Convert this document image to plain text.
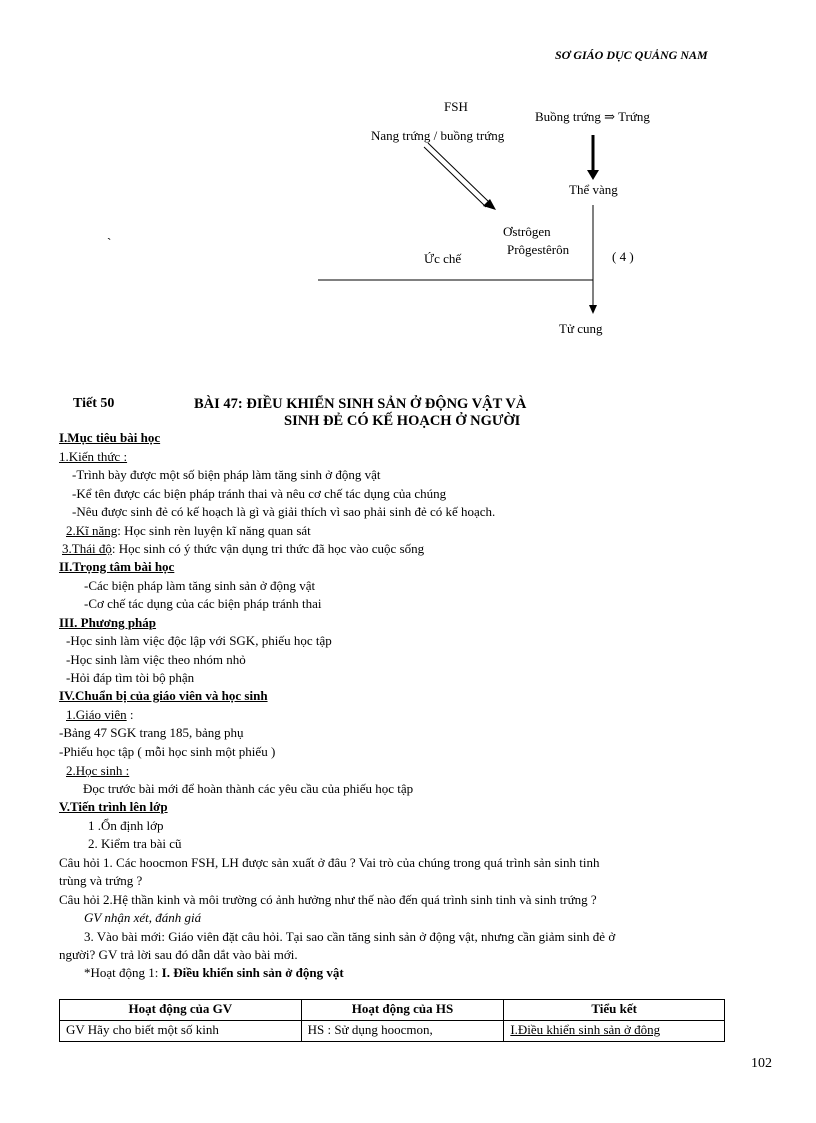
SƠ GIÁO DỤC QUẢNG NAM
FSH
Nang trứng / buồng trứng
Buồng trứng ⇒ Trứng
Thể vàng
Ơstrôgen
Prôgestêrôn
Ức chế	( 4 )
Tử cung
`
Tiết 50	BÀI 47: ĐIỀU KHIỂN SINH SẢN Ở ĐỘNG VẬT VÀ
SINH ĐẺ CÓ KẾ HOẠCH Ở NGƯỜI
I.Mục tiêu bài học
1.Kiến thức :
-Trình bày được một số biện pháp làm tăng sinh ở động vật
-Kể tên được các biện pháp tránh thai và nêu cơ chế tác dụng của chúng
-Nêu được sinh đẻ có kế hoạch là gì và giải thích vì sao phải sinh đẻ có kế hoạch.
2.Kĩ năng: Học sinh rèn luyện kĩ năng quan sát
3.Thái độ: Học sinh có ý thức vận dụng tri thức đã học vào cuộc sống
II.Trọng tâm bài học
-Các biện pháp làm tăng sinh sản ở động vật
-Cơ chế tác dụng của các biện pháp tránh thai
III. Phương pháp
-Học sinh làm việc độc lập với SGK, phiếu học tập
-Học sinh làm việc theo nhóm nhỏ
-Hỏi đáp tìm tòi bộ phận
IV.Chuẩn bị của giáo viên và học sinh
1.Giáo viên :
-Bảng 47 SGK trang 185, bảng phụ
-Phiếu học tập ( mỗi học sinh một phiếu )
2.Học sinh :
Đọc trước bài mới để hoàn thành các yêu cầu của phiếu học tập
V.Tiến trình lên lớp
1 .Ổn định lớp
2. Kiểm tra bài cũ
Câu hỏi 1. Các hoocmon FSH, LH được sản xuất ở đâu ? Vai trò của chúng trong quá trình sản sinh tinh
trùng và trứng ?
Câu hỏi 2.Hệ thần kinh và môi trường có ảnh hưởng như thế nào đến quá trình sinh tinh và sinh trứng ?
GV nhận xét, đánh giá
3. Vào bài mới: Giáo viên đặt câu hỏi. Tại sao cần tăng sinh sản ở động vật, nhưng cần giảm sinh đẻ ở
người? GV trả lời sau đó dẫn dắt vào bài mới.
*Hoạt động 1: I. Điều khiển sinh sản ở động vật
Hoạt động của GV	Hoạt động của HS	Tiểu kết
GV Hãy cho biết một số kinh	HS : Sử dụng hoocmon,	I.Điều khiển sinh sản ở đông
102
